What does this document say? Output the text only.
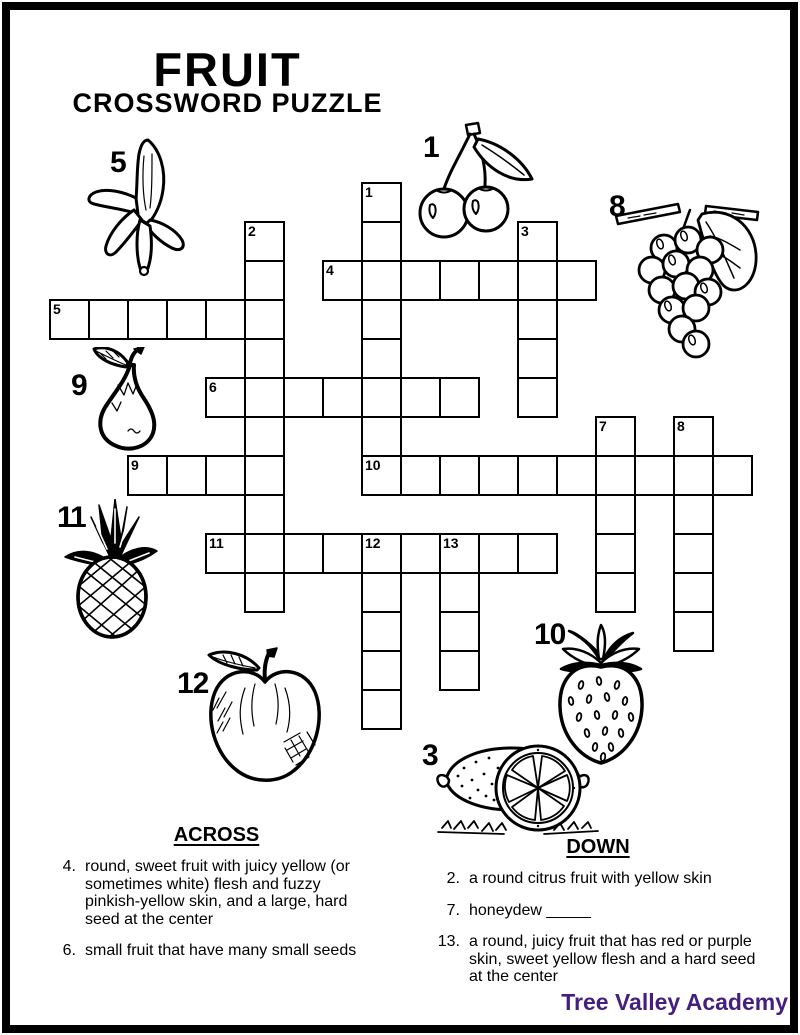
FRUIT
CROSSWORD PUZZLE
5	1
8
9
11
12
10
3
1
10
2	3
4
5
6
7	8
9
11	12	13
ACROSS
4. round, sweet fruit with juicy yellow (or sometimes white) flesh and fuzzy pinkish-yellow skin, and a large, hard seed at the center
6. small fruit that have many small seeds
DOWN
2. a round citrus fruit with yellow skin
7. honeydew _____
13. a round, juicy fruit that has red or purple skin, sweet yellow flesh and a hard seed at the center
Tree Valley Academy
